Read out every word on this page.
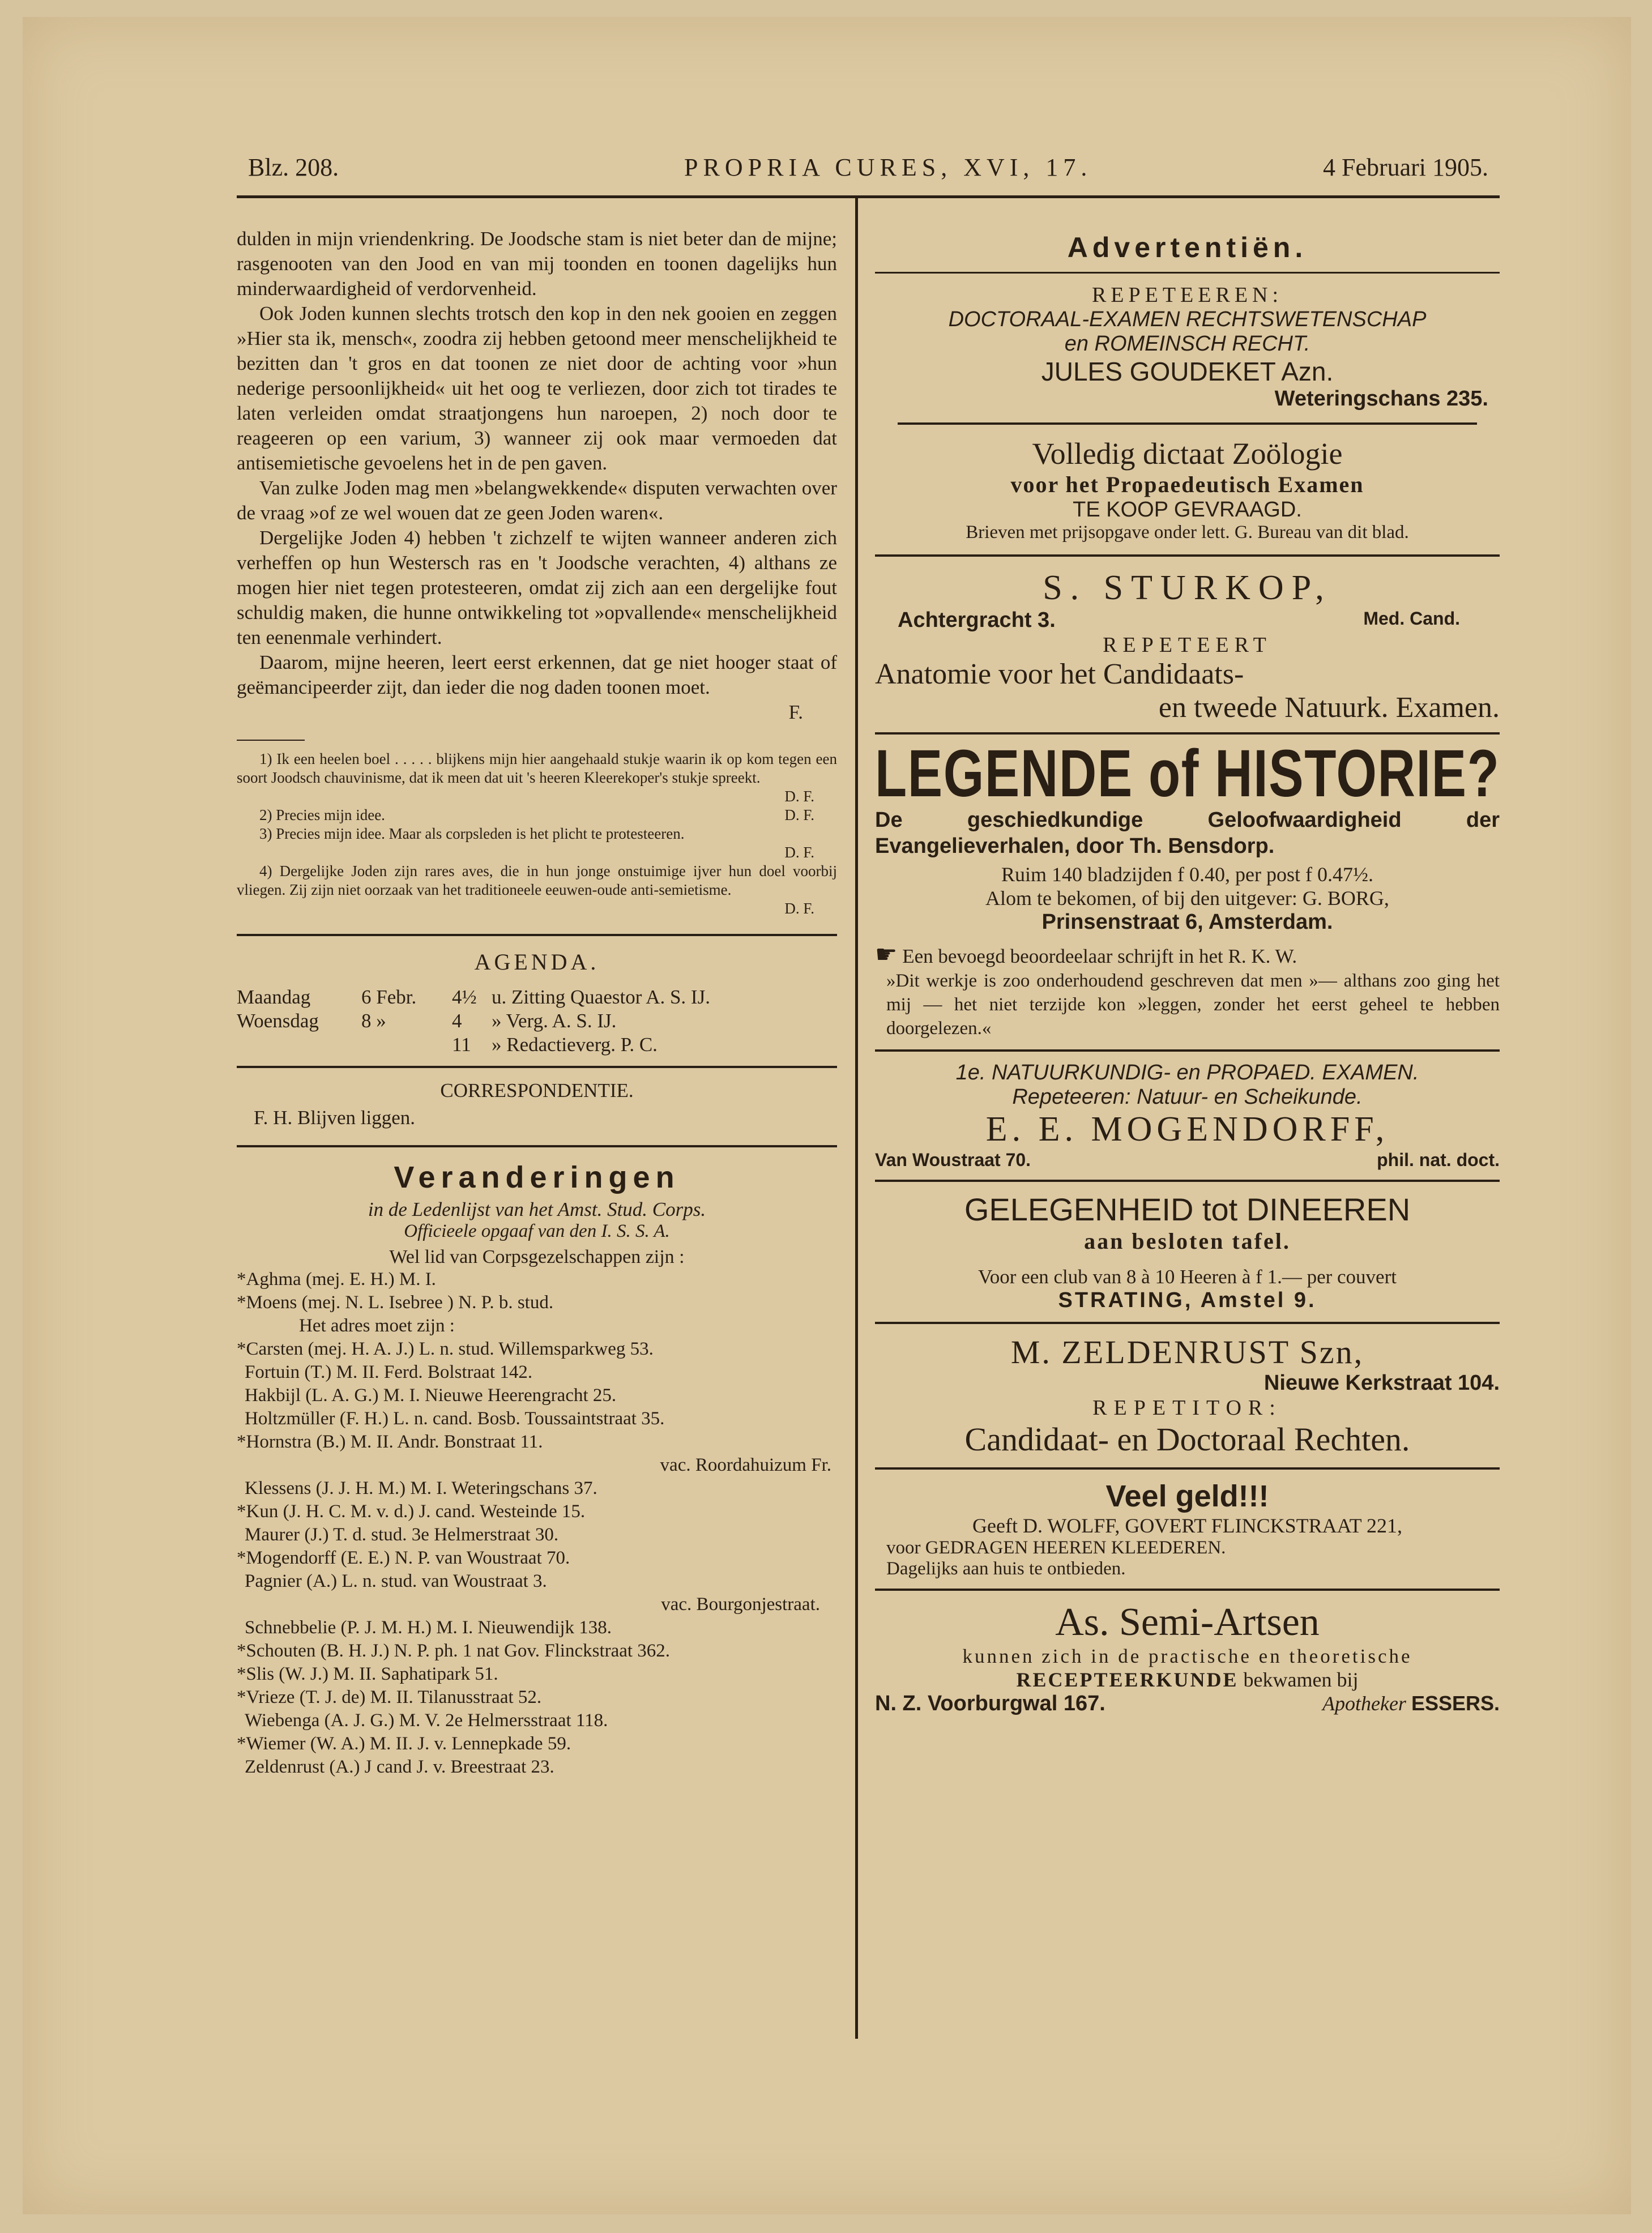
Blz. 208.	PROPRIA CURES, XVI, 17.	4 Februari 1905.

dulden in mijn vriendenkring. De Joodsche stam is niet beter dan de mijne; rasgenooten van den Jood en van mij toonden en toonen dagelijks hun minderwaardigheid of verdorvenheid.

Ook Joden kunnen slechts trotsch den kop in den nek gooien en zeggen »Hier sta ik, mensch«, zoodra zij hebben getoond meer menschelijkheid te bezitten dan 't gros en dat toonen ze niet door de achting voor »hun nederige persoonlijkheid« uit het oog te verliezen, door zich tot tirades te laten verleiden omdat straatjongens hun naroepen, 2) noch door te reageeren op een varium, 3) wanneer zij ook maar vermoeden dat antisemietische gevoelens het in de pen gaven.

Van zulke Joden mag men »belangwekkende« disputen verwachten over de vraag »of ze wel wouen dat ze geen Joden waren«.

Dergelijke Joden 4) hebben 't zichzelf te wijten wanneer anderen zich verheffen op hun Westersch ras en 't Joodsche verachten, 4) althans ze mogen hier niet tegen protesteeren, omdat zij zich aan een dergelijke fout schuldig maken, die hunne ontwikkeling tot »opvallende« menschelijkheid ten eenenmale verhindert.

Daarom, mijne heeren, leert eerst erkennen, dat ge niet hooger staat of geëmancipeerder zijt, dan ieder die nog daden toonen moet.

F.

1) Ik een heelen boel . . . . . blijkens mijn hier aangehaald stukje waarin ik op kom tegen een soort Joodsch chauvinisme, dat ik meen dat uit 's heeren Kleerekoper's stukje spreekt.

D. F.

2) Precies mijn idee.	D. F.

3) Precies mijn idee. Maar als corpsleden is het plicht te protesteeren.

D. F.

4) Dergelijke Joden zijn rares aves, die in hun jonge onstuimige ijver hun doel voorbij vliegen. Zij zijn niet oorzaak van het traditioneele eeuwen-oude anti-semietisme.

D. F.

AGENDA.

Maandag	6 Febr.	4½	u. Zitting Quaestor A. S. IJ.
Woensdag	8 »	4	» Verg. A. S. IJ.
		11	» Redactieverg. P. C.

CORRESPONDENTIE.

F. H. Blijven liggen.

Veranderingen

in de Ledenlijst van het Amst. Stud. Corps.

Officieele opgaaf van den I. S. S. A.

Wel lid van Corpsgezelschappen zijn :

*Aghma (mej. E. H.) M. I.

*Moens (mej. N. L. Isebree ) N. P. b. stud.

Het adres moet zijn :

*Carsten (mej. H. A. J.) L. n. stud. Willemsparkweg 53.

Fortuin (T.) M. II. Ferd. Bolstraat 142.

Hakbijl (L. A. G.) M. I. Nieuwe Heerengracht 25.

Holtzmüller (F. H.) L. n. cand. Bosb. Toussaintstraat 35.

*Hornstra (B.) M. II. Andr. Bonstraat 11.

vac. Roordahuizum Fr.

Klessens (J. J. H. M.) M. I. Weteringschans 37.

*Kun (J. H. C. M. v. d.) J. cand. Westeinde 15.

Maurer (J.) T. d. stud. 3e Helmerstraat 30.

*Mogendorff (E. E.) N. P. van Woustraat 70.

Pagnier (A.) L. n. stud. van Woustraat 3.

vac. Bourgonjestraat.

Schnebbelie (P. J. M. H.) M. I. Nieuwendijk 138.

*Schouten (B. H. J.) N. P. ph. 1 nat Gov. Flinckstraat 362.

*Slis (W. J.) M. II. Saphatipark 51.

*Vrieze (T. J. de) M. II. Tilanusstraat 52.

Wiebenga (A. J. G.) M. V. 2e Helmersstraat 118.

*Wiemer (W. A.) M. II. J. v. Lennepkade 59.

Zeldenrust (A.) J cand J. v. Breestraat 23.

Advertentiën.

REPETEEREN:

DOCTORAAL-EXAMEN RECHTSWETENSCHAP

en ROMEINSCH RECHT.

JULES GOUDEKET Azn.

Weteringschans 235.

Volledig dictaat Zoölogie

voor het Propaedeutisch Examen

TE KOOP GEVRAAGD.

Brieven met prijsopgave onder lett. G. Bureau van dit blad.

S. STURKOP,

Achtergracht 3.	Med. Cand.

REPETEERT

Anatomie voor het Candidaats-

en tweede Natuurk. Examen.

LEGENDE of HISTORIE?

De geschiedkundige Geloofwaardigheid der Evangelieverhalen, door Th. Bensdorp.

Ruim 140 bladzijden f 0.40, per post f 0.47½.

Alom te bekomen, of bij den uitgever: G. BORG,

Prinsenstraat 6, Amsterdam.

☛ Een bevoegd beoordeelaar schrijft in het R. K. W.

»Dit werkje is zoo onderhoudend geschreven dat men »— althans zoo ging het mij — het niet terzijde kon »leggen, zonder het eerst geheel te hebben doorgelezen.«

1e. NATUURKUNDIG- en PROPAED. EXAMEN.

Repeteeren: Natuur- en Scheikunde.

E. E. MOGENDORFF,

Van Woustraat 70.	phil. nat. doct.

GELEGENHEID tot DINEEREN

aan besloten tafel.

Voor een club van 8 à 10 Heeren à f 1.— per couvert

STRATING, Amstel 9.

M. ZELDENRUST Szn,

Nieuwe Kerkstraat 104.

REPETITOR:

Candidaat- en Doctoraal Rechten.

Veel geld!!!

Geeft D. WOLFF, GOVERT FLINCKSTRAAT 221,

voor GEDRAGEN HEEREN KLEEDEREN.

Dagelijks aan huis te ontbieden.

As. Semi-Artsen

kunnen zich in de practische en theoretische

RECEPTEERKUNDE bekwamen bij

N. Z. Voorburgwal 167.	Apotheker ESSERS.
